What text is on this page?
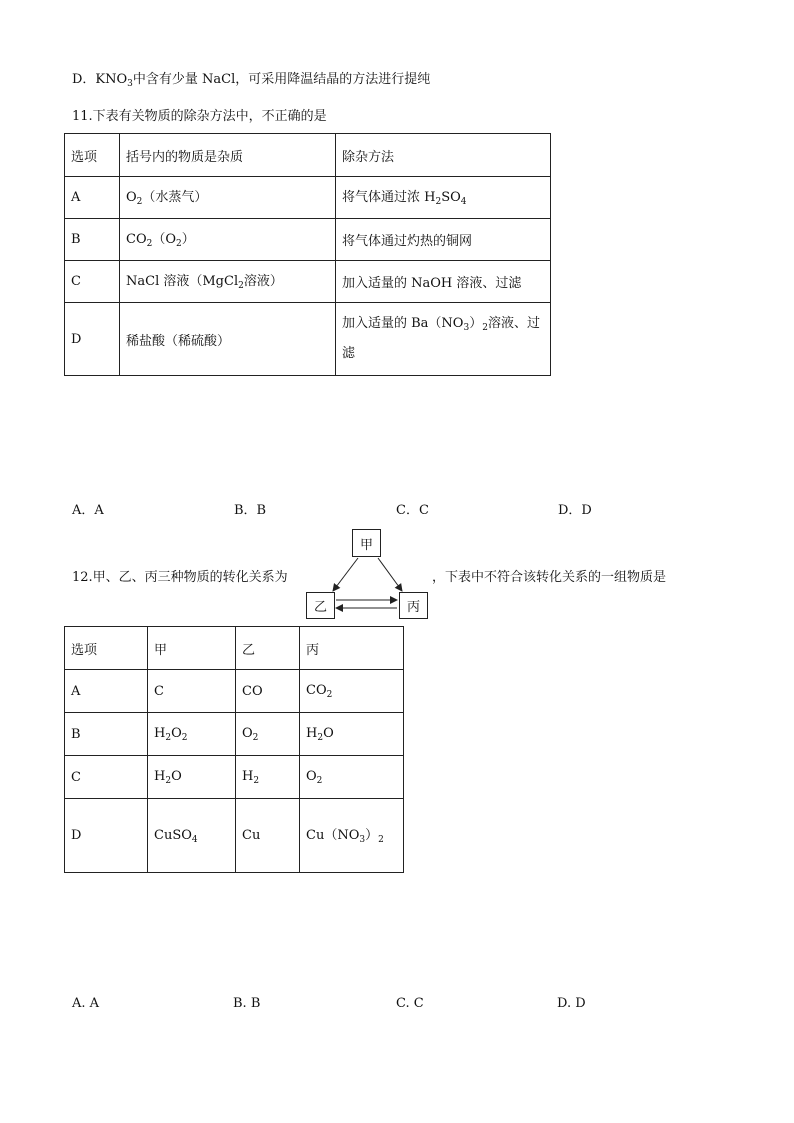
D．$KNO_3$中含有少量 NaCl，可采用降温结晶的方法进行提纯
11.下表有关物质的除杂方法中，不正确的是
选项	括号内的物质是杂质	除杂方法
A	$O_2$（水蒸气）	将气体通过浓 $H_2SO_4$
B	$CO_2(O_2)$	将气体通过灼热的铜网
C	NaCl 溶液（MgCl$_2$溶液）	加入适量的 NaOH 溶液、过滤
D	稀盐酸（稀硫酸）	加入适量的 $Ba(NO_3)_2$溶液、过
滤
A．A	B．B	C．C	D．D
12.甲、乙、丙三种物质的转化关系为
甲
乙	丙
，下表中不符合该转化关系的一组物质是
选项	甲	乙	丙
A	C	CO	$CO_2$
B	$H_2O_2$	$O_2$	$H_2O$
C	$H_2O$	$H_2$	$O_2$
D	CuSO$_4$	Cu	$Cu(NO_3)_2$
A. A	B. B	C. C	D. D
